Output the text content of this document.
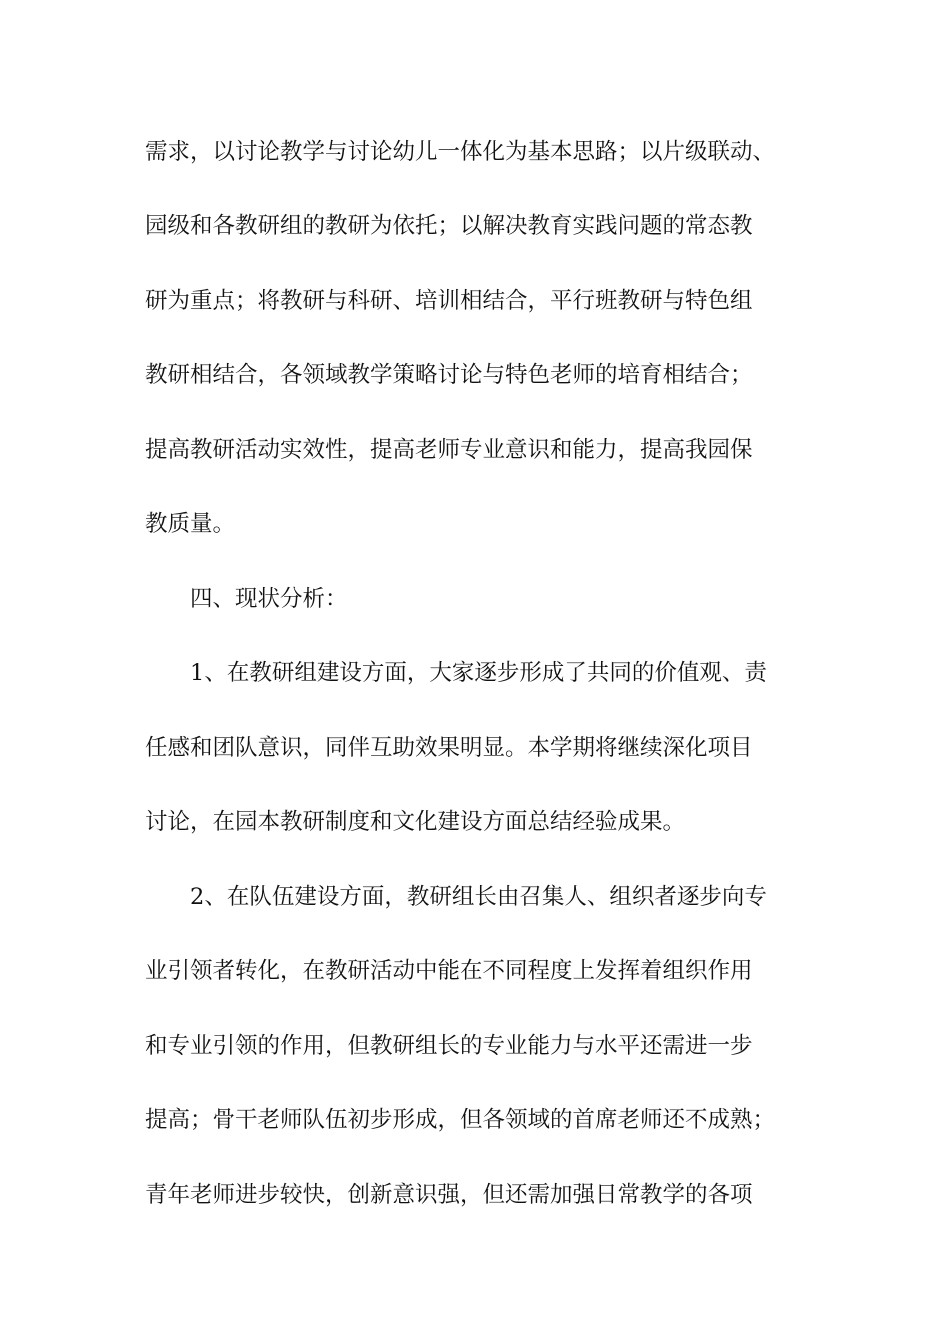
需求，以讨论教学与讨论幼儿一体化为基本思路；以片级联动、
园级和各教研组的教研为依托；以解决教育实践问题的常态教
研为重点；将教研与科研、培训相结合，平行班教研与特色组
教研相结合，各领域教学策略讨论与特色老师的培育相结合；
提高教研活动实效性，提高老师专业意识和能力，提高我园保
教质量。
四、现状分析：
1、在教研组建设方面，大家逐步形成了共同的价值观、责
任感和团队意识，同伴互助效果明显。本学期将继续深化项目
讨论，在园本教研制度和文化建设方面总结经验成果。
2、在队伍建设方面，教研组长由召集人、组织者逐步向专
业引领者转化，在教研活动中能在不同程度上发挥着组织作用
和专业引领的作用，但教研组长的专业能力与水平还需进一步
提高；骨干老师队伍初步形成，但各领域的首席老师还不成熟；
青年老师进步较快，创新意识强，但还需加强日常教学的各项
